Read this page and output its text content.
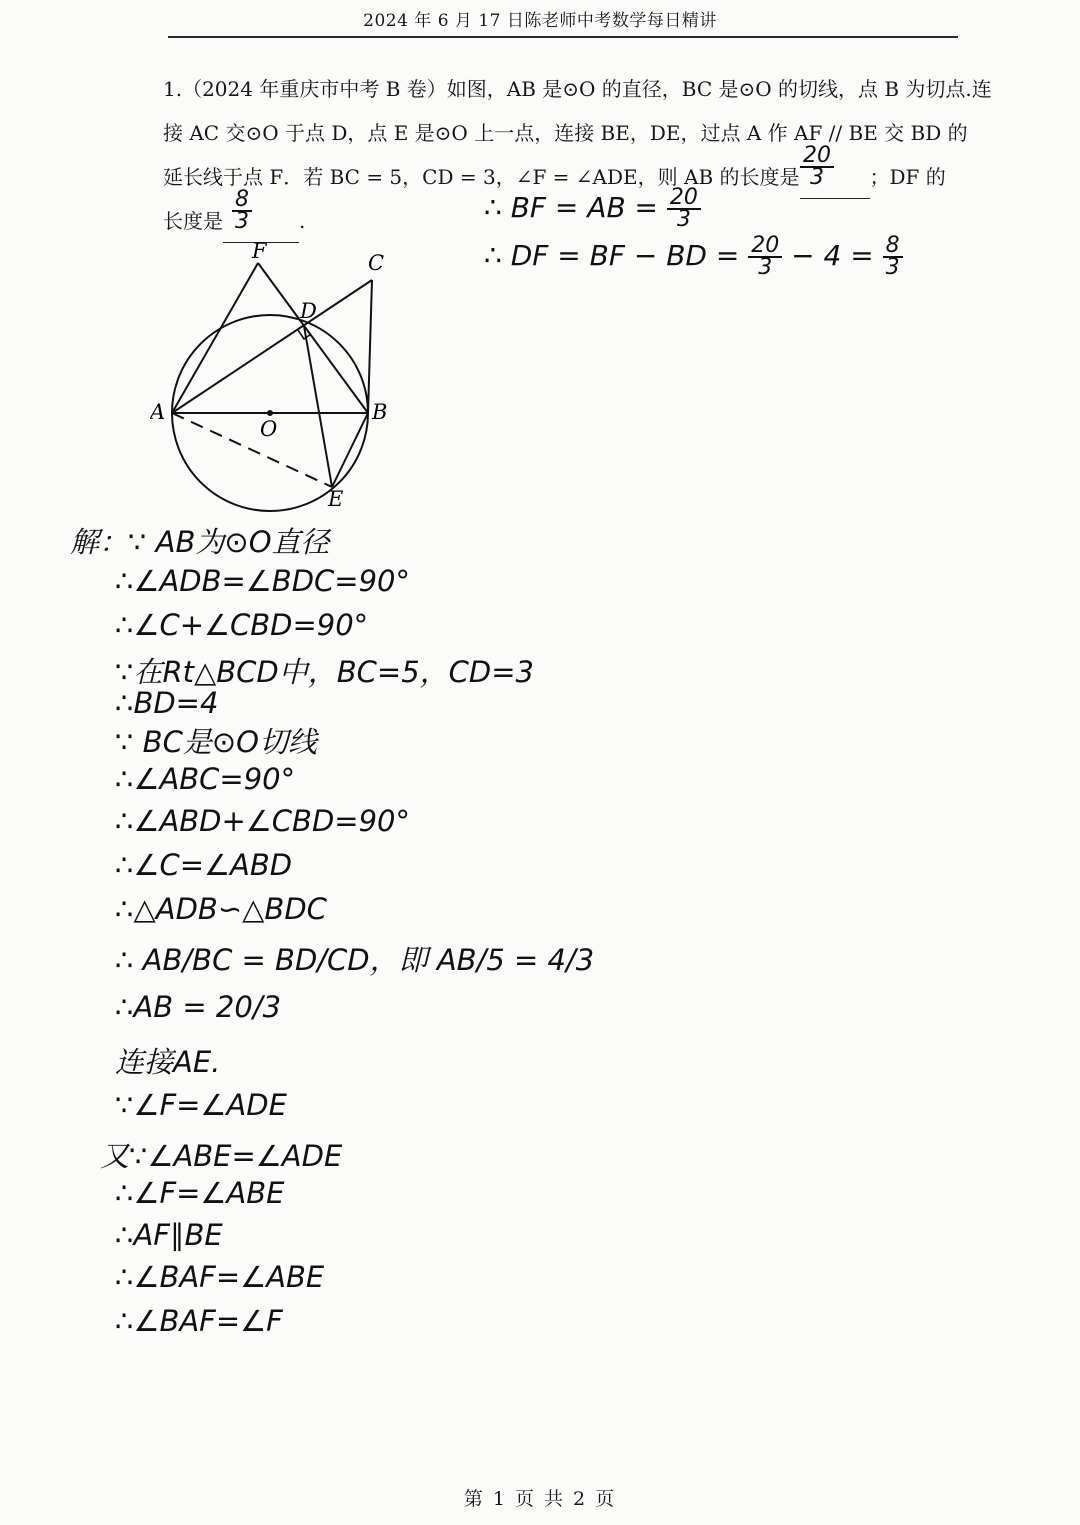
2024 年 6 月 17 日陈老师中考数学每日精讲
1.（2024 年重庆市中考 B 卷）如图，AB 是⊙O 的直径，BC 是⊙O 的切线，点 B 为切点.连
接 AC 交⊙O 于点 D，点 E 是⊙O 上一点，连接 BE，DE，过点 A 作 AF // BE 交 BD 的
延长线于点 F．若 BC = 5，CD = 3，∠F = ∠ADE，则 AB 的长度是	；DF 的
长度是	.
$\frac{20}{3}$
$\frac{8}{3}$	∴ BF = AB = $\frac{20}{3}$
∴ DF = BF − BD = $\frac{20}{3} - 4 = \frac{8}{3}$
F	C
D
A
O
B
E
解：∵ AB为⊙O直径
∴∠ADB=∠BDC=90°
∴∠C+∠CBD=90°
∵在Rt△BCD中，BC=5，CD=3
∴BD=4
∵ BC是⊙O切线
∴∠ABC=90°
∴∠ABD+∠CBD=90°
∴∠C=∠ABD
∴△ADB∽△BDC
∴ AB/BC = BD/CD，即 AB/5 = 4/3
∴AB = 20/3
连接AE.
∵∠F=∠ADE
又∵∠ABE=∠ADE
∴∠F=∠ABE
∴AF∥BE
∴∠BAF=∠ABE
∴∠BAF=∠F
第 1 页 共 2 页
